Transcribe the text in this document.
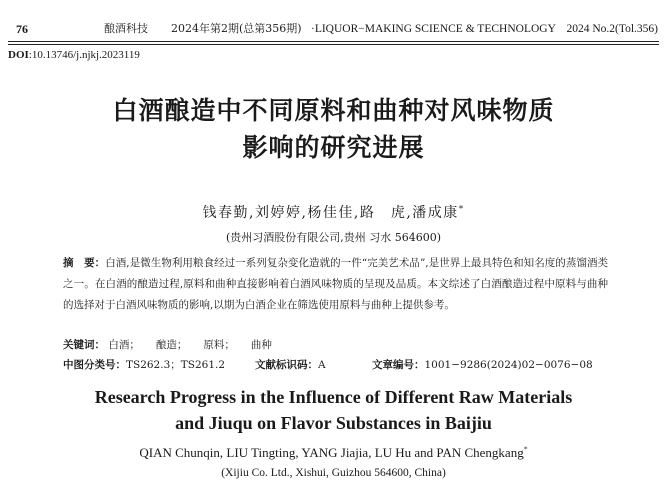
76	酿酒科技 2024年第2期(总第356期) ·LIQUOR−MAKING SCIENCE & TECHNOLOGY 2024 No.2(Tol.356)
DOI:10.13746/j.njkj.2023119
白酒酿造中不同原料和曲种对风味物质
影响的研究进展
钱春勤,刘婷婷,杨佳佳,路　虎,潘成康*
(贵州习酒股份有限公司,贵州 习水 564600)
摘　要：白酒,是微生物利用粮食经过一系列复杂变化造就的一件“完美艺术品”,是世界上最具特色和知名度的蒸馏酒类之一。在白酒的酿造过程,原料和曲种直接影响着白酒风味物质的呈现及品质。本文综述了白酒酿造过程中原料与曲种的选择对于白酒风味物质的影响,以期为白酒企业在筛选使用原料与曲种上提供参考。
关键词： 白酒； 酿造； 原料； 曲种
中图分类号：TS262.3；TS261.2	文献标识码：A	文章编号：1001−9286(2024)02−0076−08
Research Progress in the Influence of Different Raw Materials
and Jiuqu on Flavor Substances in Baijiu
QIAN Chunqin, LIU Tingting, YANG Jiajia, LU Hu and PAN Chengkang*
(Xijiu Co. Ltd., Xishui, Guizhou 564600, China)
